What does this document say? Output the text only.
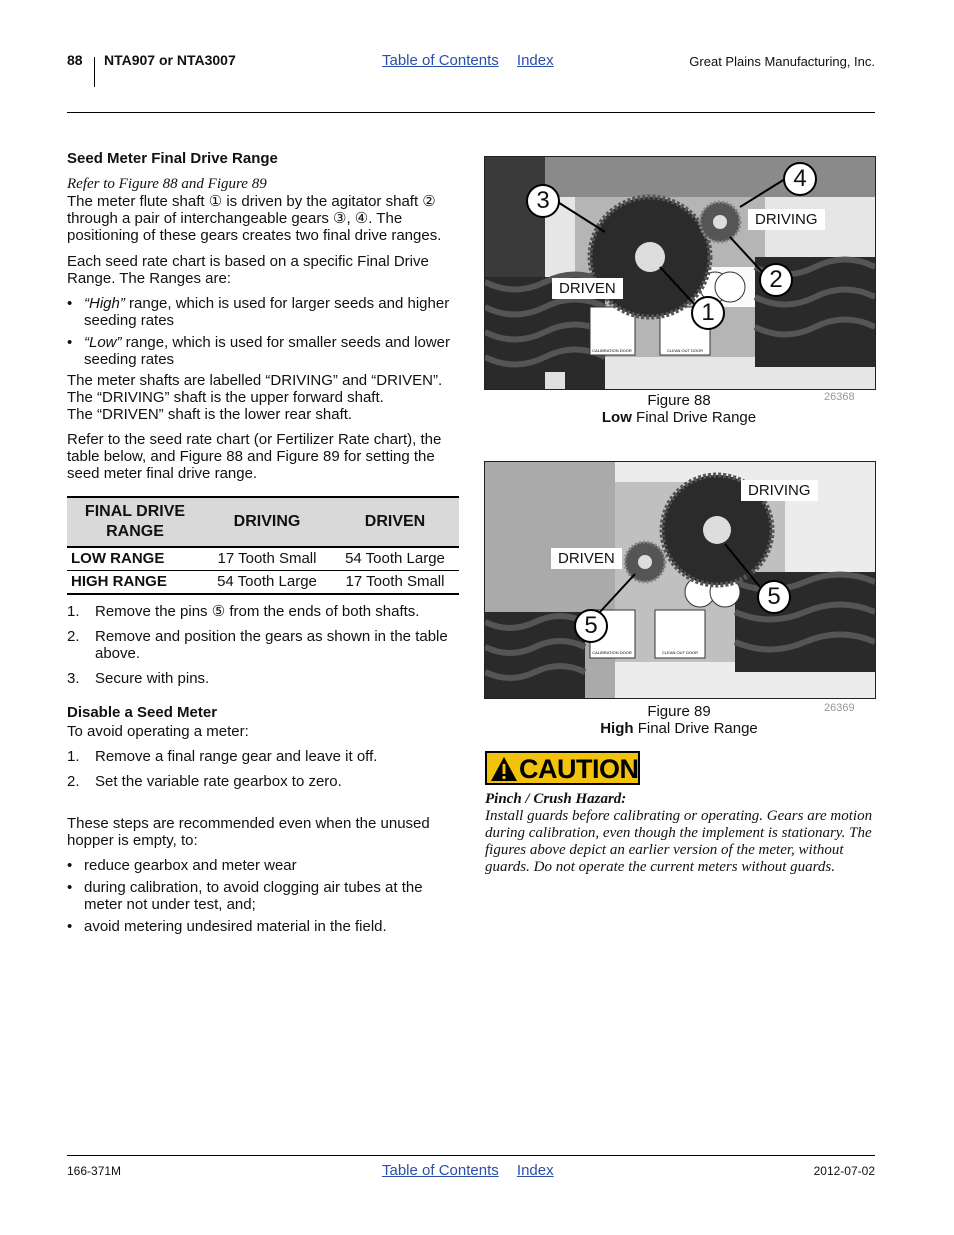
88 NTA907 or NTA3007	Table of Contents Index	Great Plains Manufacturing, Inc.
Seed Meter Final Drive Range

Refer to Figure 88 and Figure 89

The meter flute shaft ① is driven by the agitator shaft ② through a pair of interchangeable gears ③, ④. The positioning of these gears creates two final drive ranges.

Each seed rate chart is based on a specific Final Drive Range. The Ranges are:

• “High” range, which is used for larger seeds and higher seeding rates
• “Low” range, which is used for smaller seeds and lower seeding rates

The meter shafts are labelled “DRIVING” and “DRIVEN”.
The “DRIVING” shaft is the upper forward shaft.
The “DRIVEN” shaft is the lower rear shaft.

Refer to the seed rate chart (or Fertilizer Rate chart), the table below, and Figure 88 and Figure 89 for setting the seed meter final drive range.

FINAL DRIVE RANGE	DRIVING	DRIVEN
LOW RANGE	17 Tooth Small	54 Tooth Large
HIGH RANGE	54 Tooth Large	17 Tooth Small
1. Remove the pins ⑤ from the ends of both shafts.
2. Remove and position the gears as shown in the table above.
3. Secure with pins.
Disable a Seed Meter

To avoid operating a meter:

1. Remove a final range gear and leave it off.
2. Set the variable rate gearbox to zero.

These steps are recommended even when the unused hopper is empty, to:

• reduce gearbox and meter wear
• during calibration, to avoid clogging air tubes at the meter not under test, and;
• avoid metering undesired material in the field.
CALIBRATION DOOR	CLEAN OUT DOOR
3
4
2
1
DRIVING
DRIVEN
Figure 88
Low Final Drive Range
26368
CALIBRATION DOOR	CLEAN OUT DOOR
5
5
DRIVING
DRIVEN
Figure 89
High Final Drive Range
26369
CAUTION
Pinch / Crush Hazard:
Install guards before calibrating or operating. Gears are motion during calibration, even though the implement is stationary. The figures above depict an earlier version of the meter, without guards. Do not operate the current meters without guards.
166-371M	Table of Contents Index	2012-07-02
